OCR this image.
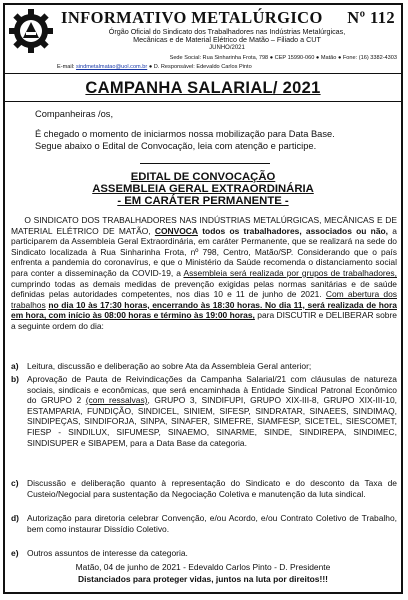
INFORMATIVO METALÚRGICO Nº 112
Órgão Oficial do Sindicato dos Trabalhadores nas Indústrias Metalúrgicas,
Mecânicas e de Material Elétrico de Matão – Filiado a CUT
JUNHO/2021
Sede Social: Rua Sinharinha Frota, 798 ● CEP 15990-060 ● Matão ● Fone: (16) 3382-4303
E-mail: sindmetalmatao@uol.com.br ● D. Responsável: Edevaldo Carlos Pinto
CAMPANHA SALARIAL/ 2021
Companheiras /os,
É chegado o momento de iniciarmos nossa mobilização para Data Base.
Segue abaixo o Edital de Convocação, leia com atenção e participe.
EDITAL DE CONVOCAÇÃO
ASSEMBLEIA GERAL EXTRAORDINÁRIA
- EM CARÁTER PERMANENTE -
O SINDICATO DOS TRABALHADORES NAS INDÚSTRIAS METALÚRGICAS, MECÂNICAS E DE MATERIAL ELÉTRICO DE MATÃO, CONVOCA todos os trabalhadores, associados ou não, a participarem da Assembleia Geral Extraordinária, em caráter Permanente, que se realizará na sede do Sindicato localizada à Rua Sinharinha Frota, nº 798, Centro, Matão/SP. Considerando que o país enfrenta a pandemia do coronavírus, e que o Ministério da Saúde recomenda o distanciamento social para conter a disseminação da COVID-19, a Assembleia será realizada por grupos de trabalhadores, cumprindo todas as demais medidas de prevenção exigidas pelas normas sanitárias e de saúde definidas pelas autoridades competentes, nos dias 10 e 11 de junho de 2021. Com abertura dos trabalhos no dia 10 às 17:30 horas, encerrando às 18:30 horas. No dia 11, será realizada de hora em hora, com início às 08:00 horas e término às 19:00 horas, para DISCUTIR e DELIBERAR sobre a seguinte ordem do dia:
a) Leitura, discussão e deliberação ao sobre Ata da Assembleia Geral anterior;
b) Aprovação de Pauta de Reivindicações da Campanha Salarial/21 com cláusulas de natureza sociais, sindicais e econômicas, que será encaminhada à Entidade Sindical Patronal Econômico do GRUPO 2 (com ressalvas), GRUPO 3, SINDIFUPI, GRUPO XIX-III-8, GRUPO XIX-III-10, ESTAMPARIA, FUNDIÇÃO, SINDICEL, SINIEM, SIFESP, SINDRATAR, SINAEES, SINDIMAQ, SINDIPEÇAS, SINDIFORJA, SINPA, SINAFER, SIMEFRE, SIAMFESP, SICETEL, SIESCOMET, FIESP - SINDILUX, SIFUMESP, SINAEMO, SINARME, SINDE, SINDIREPA, SINDIMEC, SINDISUPER e SIBAPEM, para a Data Base da categoria.
c) Discussão e deliberação quanto à representação do Sindicato e do desconto da Taxa de Custeio/Negocial para sustentação da Negociação Coletiva e manutenção da luta sindical.
d) Autorização para diretoria celebrar Convenção, e/ou Acordo, e/ou Contrato Coletivo de Trabalho, bem como instaurar Dissídio Coletivo.
e) Outros assuntos de interesse da categoria.
Matão, 04 de junho de 2021 - Edevaldo Carlos Pinto - D. Presidente
Distanciados para proteger vidas, juntos na luta por direitos!!!
